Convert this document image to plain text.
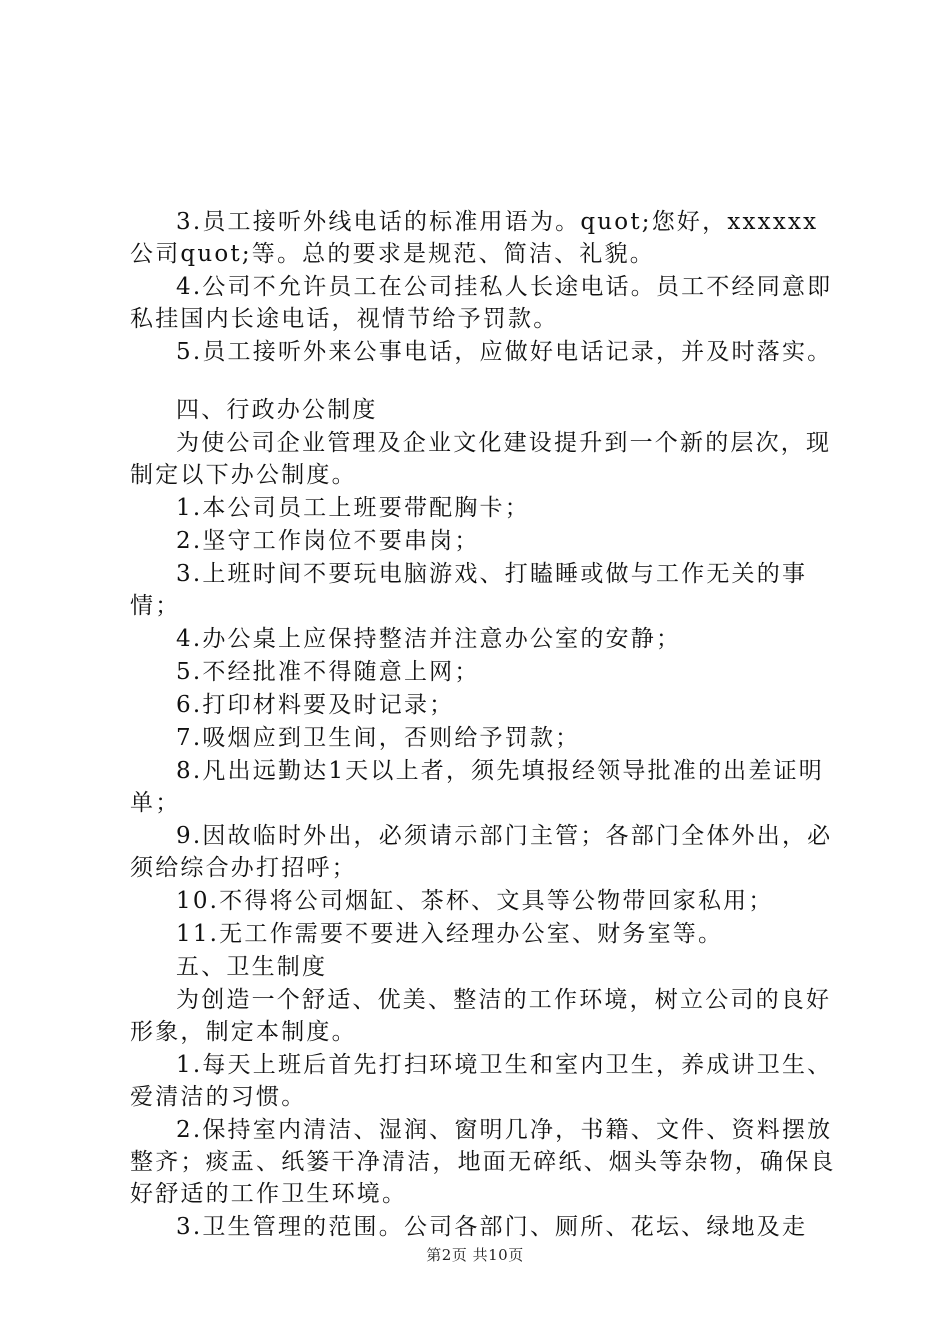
3.员工接听外线电话的标准用语为。quot;您好，xxxxxx公司quot;等。总的要求是规范、简洁、礼貌。

4.公司不允许员工在公司挂私人长途电话。员工不经同意即私挂国内长途电话，视情节给予罚款。

5.员工接听外来公事电话，应做好电话记录，并及时落实。

四、行政办公制度

为使公司企业管理及企业文化建设提升到一个新的层次，现制定以下办公制度。

1.本公司员工上班要带配胸卡；

2.坚守工作岗位不要串岗；

3.上班时间不要玩电脑游戏、打瞌睡或做与工作无关的事情；

4.办公桌上应保持整洁并注意办公室的安静；

5.不经批准不得随意上网；

6.打印材料要及时记录；

7.吸烟应到卫生间，否则给予罚款；

8.凡出远勤达1天以上者，须先填报经领导批准的出差证明单；

9.因故临时外出，必须请示部门主管；各部门全体外出，必须给综合办打招呼；

10.不得将公司烟缸、茶杯、文具等公物带回家私用；

11.无工作需要不要进入经理办公室、财务室等。

五、卫生制度

为创造一个舒适、优美、整洁的工作环境，树立公司的良好形象，制定本制度。

1.每天上班后首先打扫环境卫生和室内卫生，养成讲卫生、爱清洁的习惯。

2.保持室内清洁、湿润、窗明几净，书籍、文件、资料摆放整齐；痰盂、纸篓干净清洁，地面无碎纸、烟头等杂物，确保良好舒适的工作卫生环境。

3.卫生管理的范围。公司各部门、厕所、花坛、绿地及走

第2页 共10页
